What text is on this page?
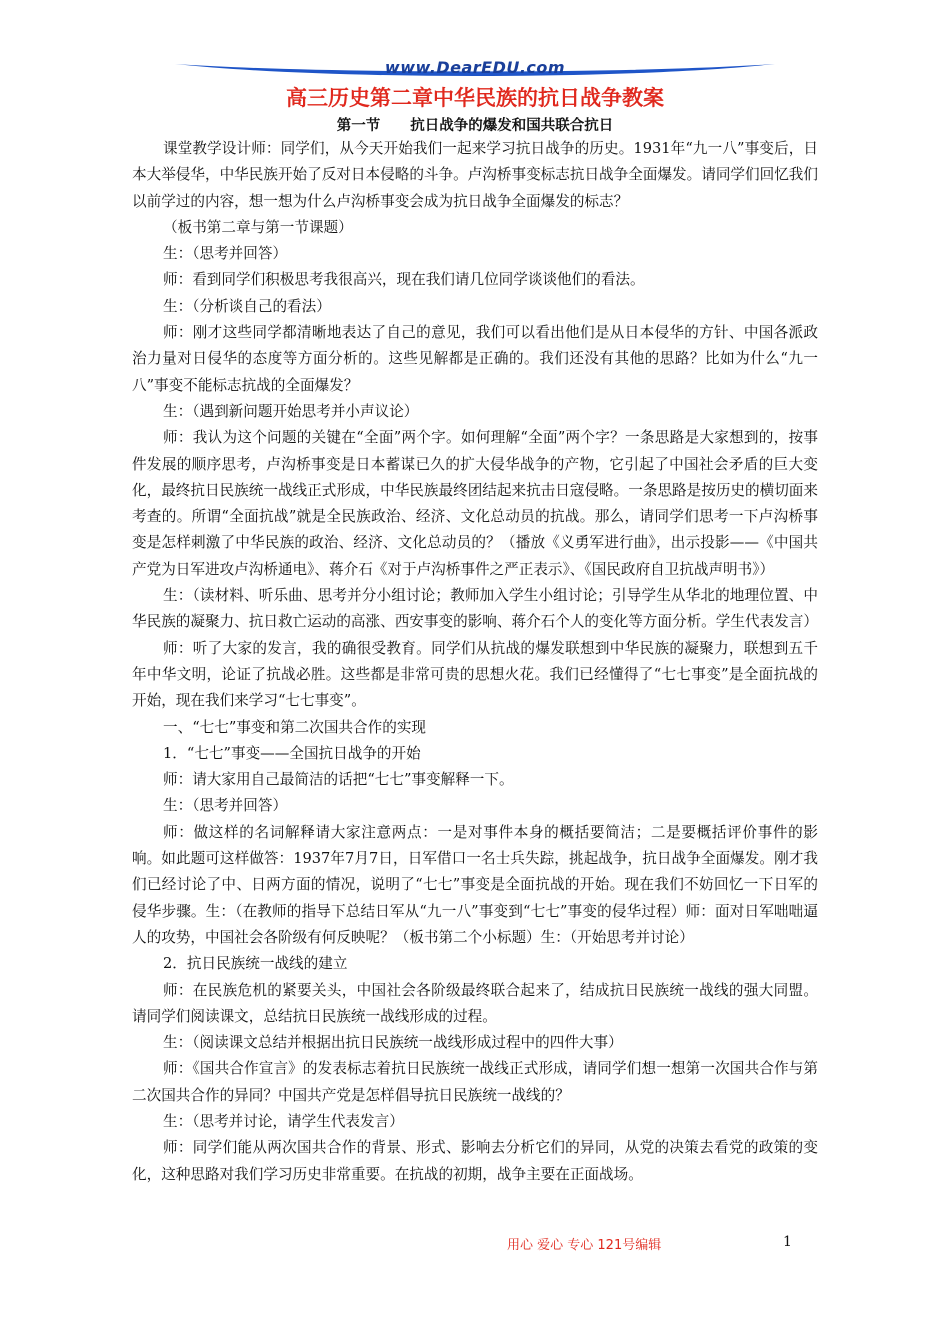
www.DearEDU.com
高三历史第二章中华民族的抗日战争教案
第一节 抗日战争的爆发和国共联合抗日

课堂教学设计师：同学们，从今天开始我们一起来学习抗日战争的历史。1931年“九一八”事变后，日本大举侵华，中华民族开始了反对日本侵略的斗争。卢沟桥事变标志抗日战争全面爆发。请同学们回忆我们以前学过的内容，想一想为什么卢沟桥事变会成为抗日战争全面爆发的标志？

（板书第二章与第一节课题）

生：（思考并回答）

师：看到同学们积极思考我很高兴，现在我们请几位同学谈谈他们的看法。

生：（分析谈自己的看法）

师：刚才这些同学都清晰地表达了自己的意见，我们可以看出他们是从日本侵华的方针、中国各派政治力量对日侵华的态度等方面分析的。这些见解都是正确的。我们还没有其他的思路？比如为什么“九一八”事变不能标志抗战的全面爆发？

生：（遇到新问题开始思考并小声议论）

师：我认为这个问题的关键在“全面”两个字。如何理解“全面”两个字？一条思路是大家想到的，按事件发展的顺序思考，卢沟桥事变是日本蓄谋已久的扩大侵华战争的产物，它引起了中国社会矛盾的巨大变化，最终抗日民族统一战线正式形成，中华民族最终团结起来抗击日寇侵略。一条思路是按历史的横切面来考查的。所谓“全面抗战”就是全民族政治、经济、文化总动员的抗战。那么，请同学们思考一下卢沟桥事变是怎样刺激了中华民族的政治、经济、文化总动员的？（播放《义勇军进行曲》，出示投影——《中国共产党为日军进攻卢沟桥通电》、蒋介石《对于卢沟桥事件之严正表示》、《国民政府自卫抗战声明书》）

生：（读材料、听乐曲、思考并分小组讨论；教师加入学生小组讨论；引导学生从华北的地理位置、中华民族的凝聚力、抗日救亡运动的高涨、西安事变的影响、蒋介石个人的变化等方面分析。学生代表发言）

师：听了大家的发言，我的确很受教育。同学们从抗战的爆发联想到中华民族的凝聚力，联想到五千年中华文明，论证了抗战必胜。这些都是非常可贵的思想火花。我们已经懂得了“七七事变”是全面抗战的开始，现在我们来学习“七七事变”。

一、“七七”事变和第二次国共合作的实现

1．“七七”事变——全国抗日战争的开始

师：请大家用自己最简洁的话把“七七”事变解释一下。

生：（思考并回答）

师：做这样的名词解释请大家注意两点：一是对事件本身的概括要简洁；二是要概括评价事件的影响。如此题可这样做答：1937年7月7日，日军借口一名士兵失踪，挑起战争，抗日战争全面爆发。刚才我们已经讨论了中、日两方面的情况，说明了“七七”事变是全面抗战的开始。现在我们不妨回忆一下日军的侵华步骤。生：（在教师的指导下总结日军从“九一八”事变到“七七”事变的侵华过程）师：面对日军咄咄逼人的攻势，中国社会各阶级有何反映呢？（板书第二个小标题）生：（开始思考并讨论）

2．抗日民族统一战线的建立

师：在民族危机的紧要关头，中国社会各阶级最终联合起来了，结成抗日民族统一战线的强大同盟。请同学们阅读课文，总结抗日民族统一战线形成的过程。

生：（阅读课文总结并根据出抗日民族统一战线形成过程中的四件大事）

师：《国共合作宣言》的发表标志着抗日民族统一战线正式形成，请同学们想一想第一次国共合作与第二次国共合作的异同？中国共产党是怎样倡导抗日民族统一战线的？

生：（思考并讨论，请学生代表发言）

师：同学们能从两次国共合作的背景、形式、影响去分析它们的异同，从党的决策去看党的政策的变化，这种思路对我们学习历史非常重要。在抗战的初期，战争主要在正面战场。

用心 爱心 专心 121号编辑	1
